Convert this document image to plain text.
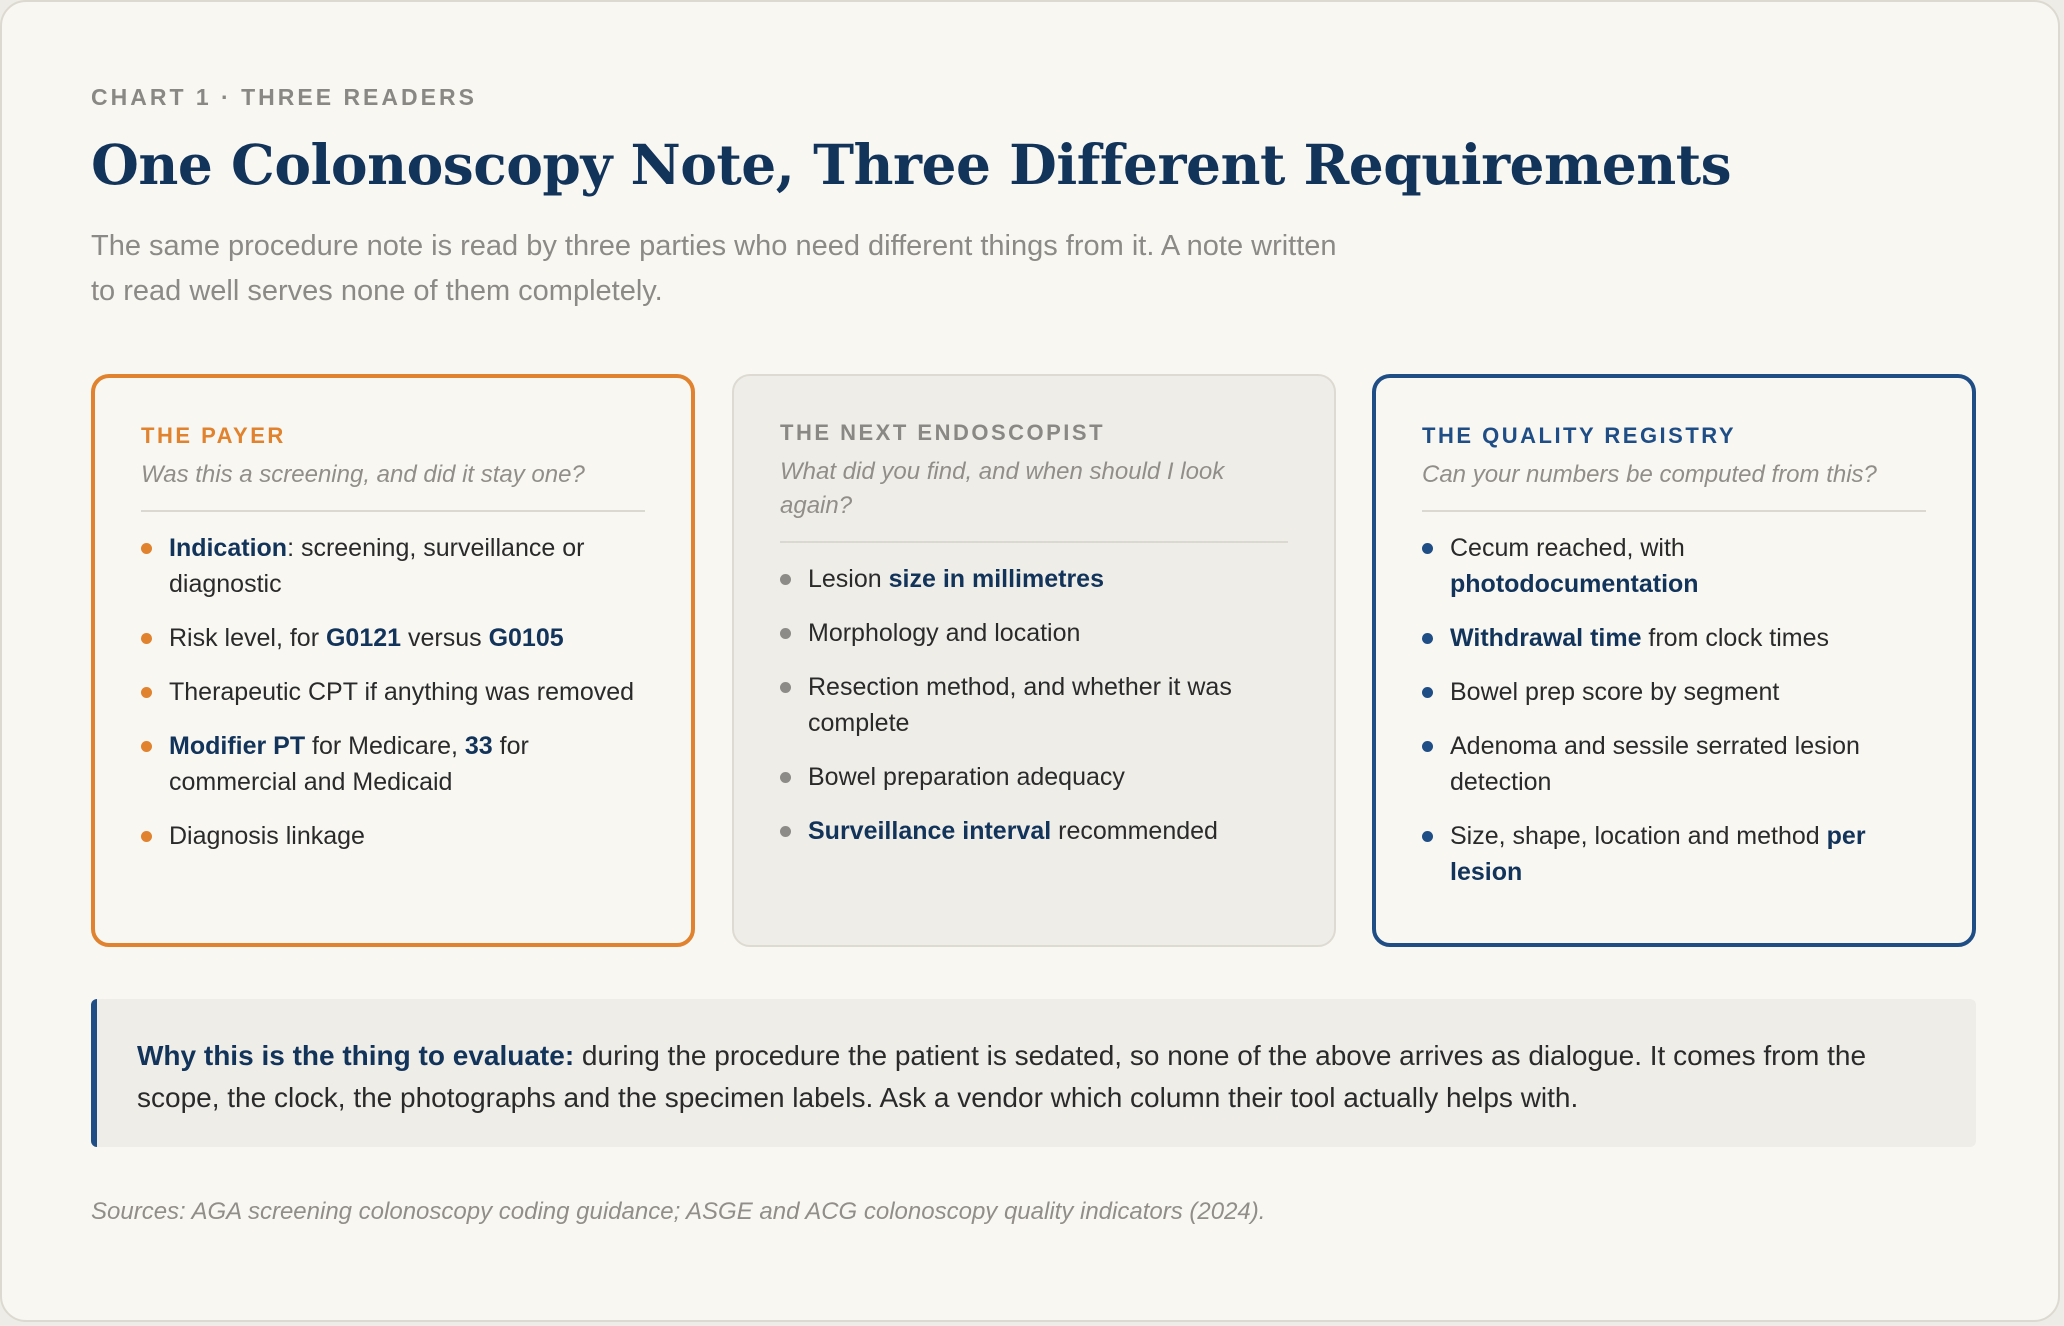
CHART 1 · THREE READERS
One Colonoscopy Note, Three Different Requirements
The same procedure note is read by three parties who need different things from it. A note written to read well serves none of them completely.
THE PAYER
Was this a screening, and did it stay one?
Indication: screening, surveillance or diagnostic
Risk level, for G0121 versus G0105
Therapeutic CPT if anything was removed
Modifier PT for Medicare, 33 for commercial and Medicaid
Diagnosis linkage
THE NEXT ENDOSCOPIST
What did you find, and when should I look again?
Lesion size in millimetres
Morphology and location
Resection method, and whether it was complete
Bowel preparation adequacy
Surveillance interval recommended
THE QUALITY REGISTRY
Can your numbers be computed from this?
Cecum reached, with photodocumentation
Withdrawal time from clock times
Bowel prep score by segment
Adenoma and sessile serrated lesion detection
Size, shape, location and method per lesion
Why this is the thing to evaluate: during the procedure the patient is sedated, so none of the above arrives as dialogue. It comes from the scope, the clock, the photographs and the specimen labels. Ask a vendor which column their tool actually helps with.
Sources: AGA screening colonoscopy coding guidance; ASGE and ACG colonoscopy quality indicators (2024).
